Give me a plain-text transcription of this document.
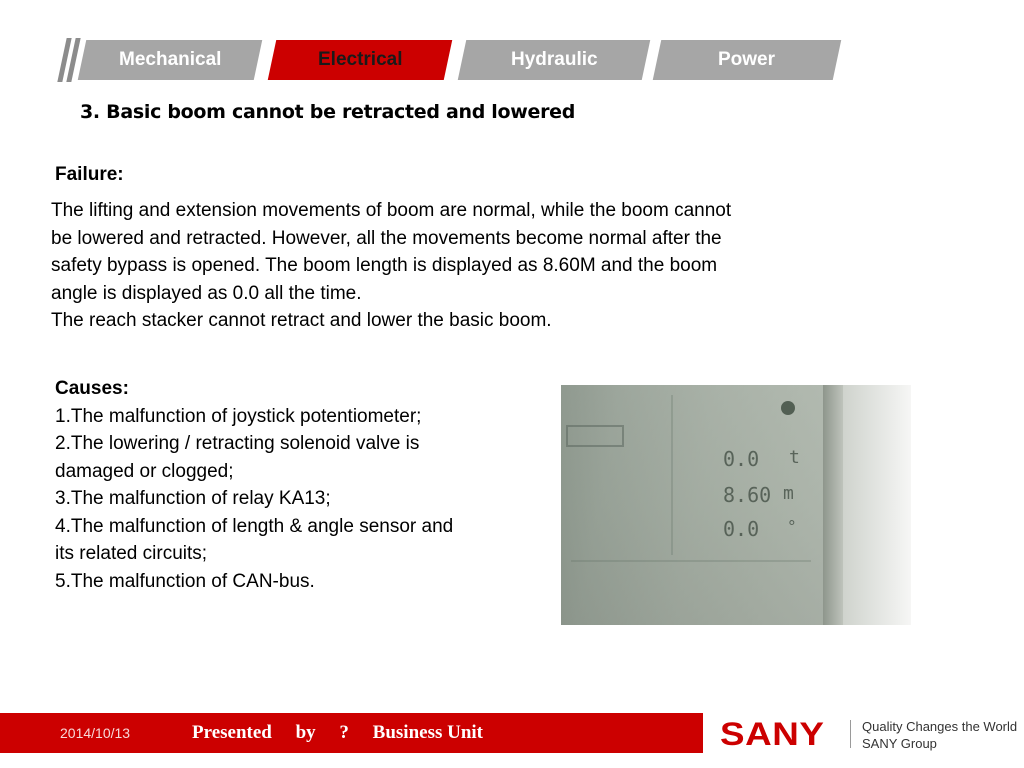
Mechanical	Electrical	Hydraulic	Power
3. Basic boom cannot be retracted and lowered
Failure:

The lifting and extension movements of boom are normal, while the boom cannot

be lowered and retracted. However, all the movements become normal after the

safety bypass is opened. The boom length is displayed as 8.60M and the boom

angle is displayed as 0.0 all the time.

The reach stacker cannot retract and lower the basic boom.

Causes:

1.The malfunction of joystick potentiometer;

2.The lowering / retracting solenoid valve is

damaged or clogged;

3.The malfunction of relay KA13;

4.The malfunction of length & angle sensor and

its related circuits;

5.The malfunction of CAN-bus.

0.0 t
8.60 m
0.0 °
2014/10/13	Presented     by     ?     Business Unit	SANY	Quality Changes the World
SANY Group
